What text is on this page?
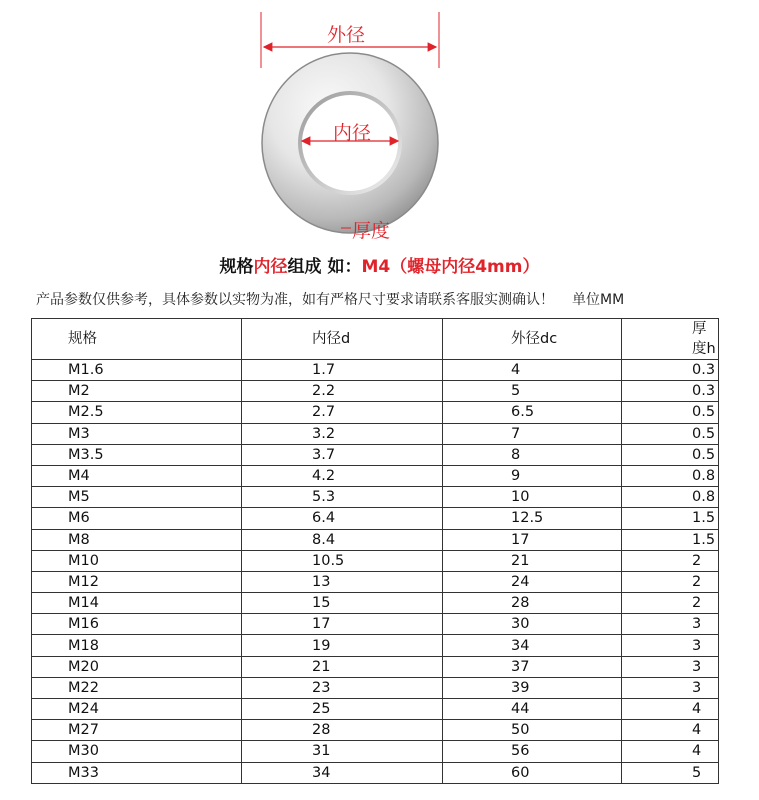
外径
内径
厚度
规格内径组成 如：M4（螺母内径4mm）
产品参数仅供参考，具体参数以实物为准，如有严格尺寸要求请联系客服实测确认！ 单位MM
规格	内径d	外径dc	厚度h
M1.6	1.7	4	0.3
M2	2.2	5	0.3
M2.5	2.7	6.5	0.5
M3	3.2	7	0.5
M3.5	3.7	8	0.5
M4	4.2	9	0.8
M5	5.3	10	0.8
M6	6.4	12.5	1.5
M8	8.4	17	1.5
M10	10.5	21	2
M12	13	24	2
M14	15	28	2
M16	17	30	3
M18	19	34	3
M20	21	37	3
M22	23	39	3
M24	25	44	4
M27	28	50	4
M30	31	56	4
M33	34	60	5
